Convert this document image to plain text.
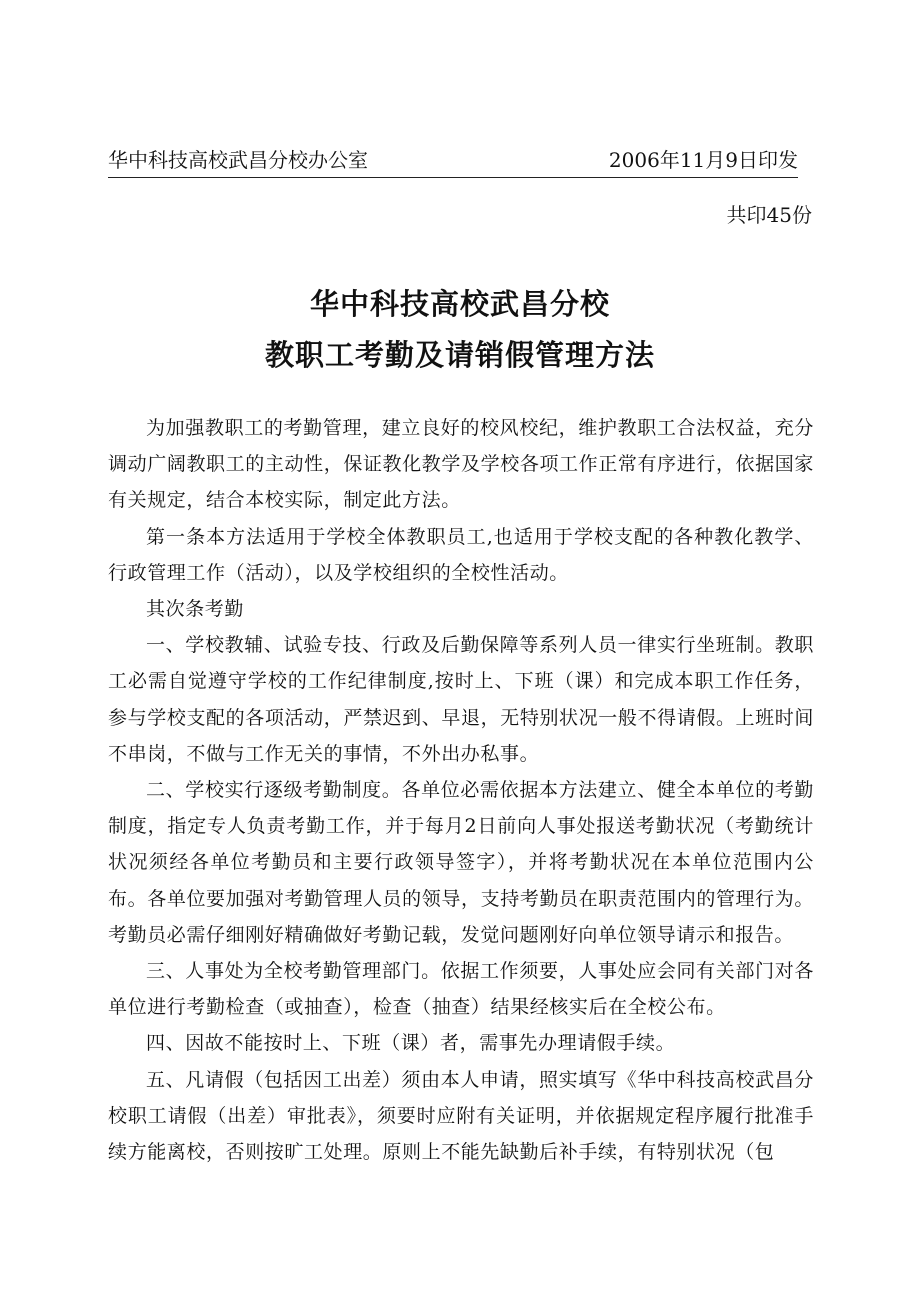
华中科技高校武昌分校办公室	2006年11月9日印发
共印45份
华中科技高校武昌分校
教职工考勤及请销假管理方法

为加强教职工的考勤管理，建立良好的校风校纪，维护教职工合法权益，充分调动广阔教职工的主动性，保证教化教学及学校各项工作正常有序进行，依据国家有关规定，结合本校实际，制定此方法。

第一条本方法适用于学校全体教职员工,也适用于学校支配的各种教化教学、行政管理工作（活动），以及学校组织的全校性活动。

其次条考勤

一、学校教辅、试验专技、行政及后勤保障等系列人员一律实行坐班制。教职工必需自觉遵守学校的工作纪律制度,按时上、下班（课）和完成本职工作任务，参与学校支配的各项活动，严禁迟到、早退，无特别状况一般不得请假。上班时间不串岗，不做与工作无关的事情，不外出办私事。

二、学校实行逐级考勤制度。各单位必需依据本方法建立、健全本单位的考勤制度，指定专人负责考勤工作，并于每月2日前向人事处报送考勤状况（考勤统计状况须经各单位考勤员和主要行政领导签字），并将考勤状况在本单位范围内公布。各单位要加强对考勤管理人员的领导，支持考勤员在职责范围内的管理行为。考勤员必需仔细刚好精确做好考勤记载，发觉问题刚好向单位领导请示和报告。

三、人事处为全校考勤管理部门。依据工作须要，人事处应会同有关部门对各单位进行考勤检查（或抽查），检查（抽查）结果经核实后在全校公布。

四、因故不能按时上、下班（课）者，需事先办理请假手续。

五、凡请假（包括因工出差）须由本人申请，照实填写《华中科技高校武昌分校职工请假（出差）审批表》，须要时应附有关证明，并依据规定程序履行批准手续方能离校，否则按旷工处理。原则上不能先缺勤后补手续，有特别状况（包
